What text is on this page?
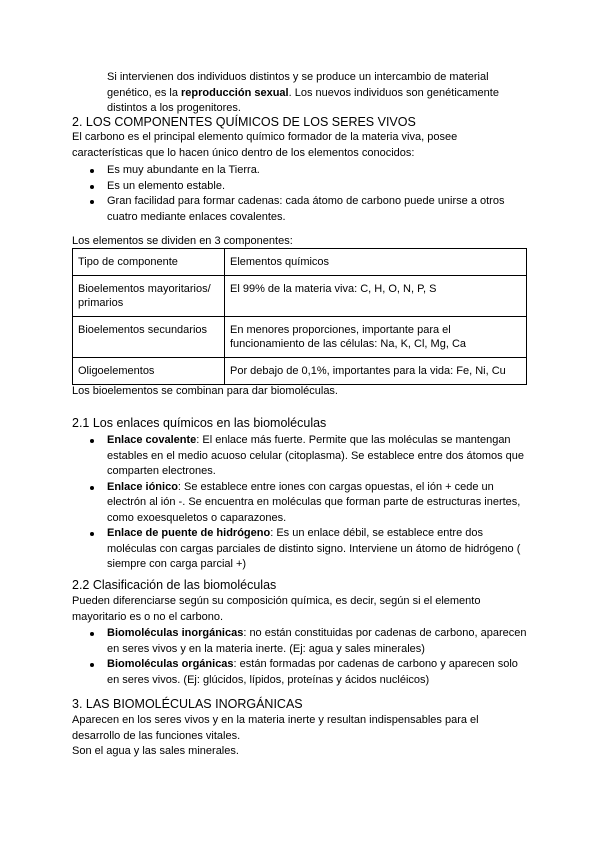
Si intervienen dos individuos distintos y se produce un intercambio de material genético, es la reproducción sexual. Los nuevos individuos son genéticamente distintos a los progenitores.
2. LOS COMPONENTES QUÍMICOS DE LOS SERES VIVOS
El carbono es el principal elemento químico formador de la materia viva, posee características que lo hacen único dentro de los elementos conocidos:
Es muy abundante en la Tierra.
Es un elemento estable.
Gran facilidad para formar cadenas: cada átomo de carbono puede unirse a otros cuatro mediante enlaces covalentes.
Los elementos se dividen en 3 componentes:
Tipo de componente	Elementos químicos
Bioelementos mayoritarios/ primarios	El 99% de la materia viva: C, H, O, N, P, S
Bioelementos secundarios	En menores proporciones, importante para el funcionamiento de las células: Na, K, Cl, Mg, Ca
Oligoelementos	Por debajo de 0,1%, importantes para la vida: Fe, Ni, Cu
Los bioelementos se combinan para dar biomoléculas.
2.1 Los enlaces químicos en las biomoléculas
Enlace covalente: El enlace más fuerte. Permite que las moléculas se mantengan estables en el medio acuoso celular (citoplasma). Se establece entre dos átomos que comparten electrones.
Enlace iónico: Se establece entre iones con cargas opuestas, el ión + cede un electrón al ión -. Se encuentra en moléculas que forman parte de estructuras inertes, como exoesqueletos o caparazones.
Enlace de puente de hidrógeno: Es un enlace débil, se establece entre dos moléculas con cargas parciales de distinto signo. Interviene un átomo de hidrógeno ( siempre con carga parcial +)
2.2 Clasificación de las biomoléculas
Pueden diferenciarse según su composición química, es decir, según si el elemento mayoritario es o no el carbono.
Biomoléculas inorgánicas: no están constituidas por cadenas de carbono, aparecen en seres vivos y en la materia inerte. (Ej: agua y sales minerales)
Biomoléculas orgánicas: están formadas por cadenas de carbono y aparecen solo en seres vivos. (Ej: glúcidos, lípidos, proteínas y ácidos nucléicos)
3. LAS BIOMOLÉCULAS INORGÁNICAS
Aparecen en los seres vivos y en la materia inerte y resultan indispensables para el desarrollo de las funciones vitales.
Son el agua y las sales minerales.
